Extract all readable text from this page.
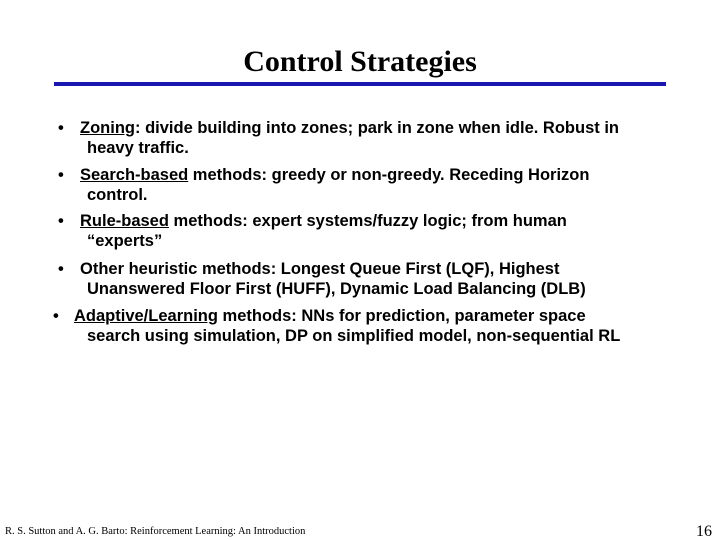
Control Strategies
• Zoning: divide building into zones; park in zone when idle. Robust in
heavy traffic.
• Search-based methods: greedy or non-greedy. Receding Horizon
control.
• Rule-based methods: expert systems/fuzzy logic; from human
“experts”
• Other heuristic methods: Longest Queue First (LQF), Highest
Unanswered Floor First (HUFF), Dynamic Load Balancing (DLB)
• Adaptive/Learning methods: NNs for prediction, parameter space
search using simulation, DP on simplified model, non-sequential RL
R. S. Sutton and A. G. Barto: Reinforcement Learning: An Introduction	16
